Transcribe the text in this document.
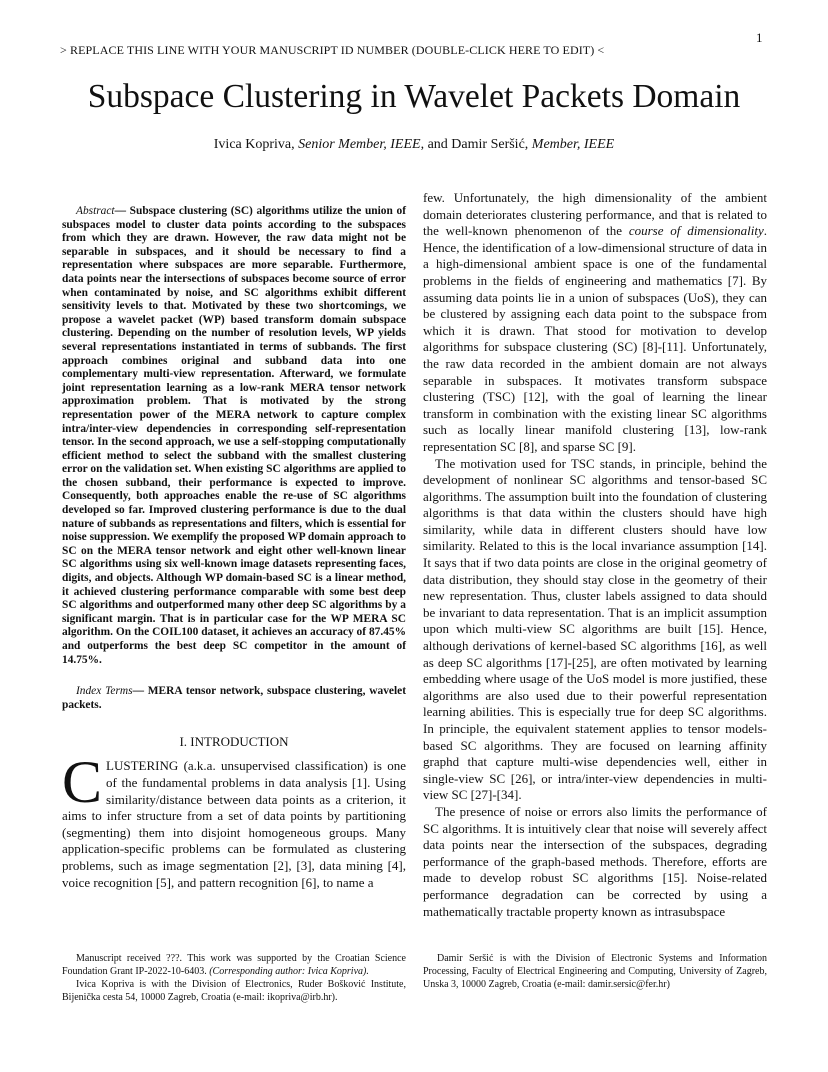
1
> REPLACE THIS LINE WITH YOUR MANUSCRIPT ID NUMBER (DOUBLE-CLICK HERE TO EDIT) <
Subspace Clustering in Wavelet Packets Domain
Ivica Kopriva, Senior Member, IEEE, and Damir Seršić, Member, IEEE

Abstract— Subspace clustering (SC) algorithms utilize the union of subspaces model to cluster data points according to the subspaces from which they are drawn. However, the raw data might not be separable in subspaces, and it should be necessary to find a representation where subspaces are more separable. Furthermore, data points near the intersections of subspaces become source of error when contaminated by noise, and SC algorithms exhibit different sensitivity levels to that. Motivated by these two shortcomings, we propose a wavelet packet (WP) based transform domain subspace clustering. Depending on the number of resolution levels, WP yields several representations instantiated in terms of subbands. The first approach combines original and subband data into one complementary multi-view representation. Afterward, we formulate joint representation learning as a low-rank MERA tensor network approximation problem. That is motivated by the strong representation power of the MERA network to capture complex intra/inter-view dependencies in corresponding self-representation tensor. In the second approach, we use a self-stopping computationally efficient method to select the subband with the smallest clustering error on the validation set. When existing SC algorithms are applied to the chosen subband, their performance is expected to improve. Consequently, both approaches enable the re-use of SC algorithms developed so far. Improved clustering performance is due to the dual nature of subbands as representations and filters, which is essential for noise suppression. We exemplify the proposed WP domain approach to SC on the MERA tensor network and eight other well-known linear SC algorithms using six well-known image datasets representing faces, digits, and objects. Although WP domain-based SC is a linear method, it achieved clustering performance comparable with some best deep SC algorithms and outperformed many other deep SC algorithms by a significant margin. That is in particular case for the WP MERA SC algorithm. On the COIL100 dataset, it achieves an accuracy of 87.45% and outperforms the best deep SC competitor in the amount of 14.75%.

Index Terms— MERA tensor network, subspace clustering, wavelet packets.

I. INTRODUCTION

CLUSTERING (a.k.a. unsupervised classification) is one of the fundamental problems in data analysis [1]. Using similarity/distance between data points as a criterion, it aims to infer structure from a set of data points by partitioning (segmenting) them into disjoint homogeneous groups. Many application-specific problems can be formulated as clustering problems, such as image segmentation [2], [3], data mining [4], voice recognition [5], and pattern recognition [6], to name a

few. Unfortunately, the high dimensionality of the ambient domain deteriorates clustering performance, and that is related to the well-known phenomenon of the course of dimensionality. Hence, the identification of a low-dimensional structure of data in a high-dimensional ambient space is one of the fundamental problems in the fields of engineering and mathematics [7]. By assuming data points lie in a union of subspaces (UoS), they can be clustered by assigning each data point to the subspace from which it is drawn. That stood for motivation to develop algorithms for subspace clustering (SC) [8]-[11]. Unfortunately, the raw data recorded in the ambient domain are not always separable in subspaces. It motivates transform subspace clustering (TSC) [12], with the goal of learning the linear transform in combination with the existing linear SC algorithms such as locally linear manifold clustering [13], low-rank representation SC [8], and sparse SC [9].

The motivation used for TSC stands, in principle, behind the development of nonlinear SC algorithms and tensor-based SC algorithms. The assumption built into the foundation of clustering algorithms is that data within the clusters should have high similarity, while data in different clusters should have low similarity. Related to this is the local invariance assumption [14]. It says that if two data points are close in the original geometry of data distribution, they should stay close in the geometry of their new representation. Thus, cluster labels assigned to data should be invariant to data representation. That is an implicit assumption upon which multi-view SC algorithms are built [15]. Hence, although derivations of kernel-based SC algorithms [16], as well as deep SC algorithms [17]-[25], are often motivated by learning embedding where usage of the UoS model is more justified, these algorithms are also used due to their powerful representation learning abilities. This is especially true for deep SC algorithms. In principle, the equivalent statement applies to tensor models-based SC algorithms. They are focused on learning affinity graphd that capture multi-wise dependencies well, either in single-view SC [26], or intra/inter-view dependencies in multi-view SC [27]-[34].

The presence of noise or errors also limits the performance of SC algorithms. It is intuitively clear that noise will severely affect data points near the intersection of the subspaces, degrading performance of the graph-based methods. Therefore, efforts are made to develop robust SC algorithms [15]. Noise-related performance degradation can be corrected by using a mathematically tractable property known as intrasubspace

Manuscript received ???. This work was supported by the Croatian Science Foundation Grant IP-2022-10-6403. (Corresponding author: Ivica Kopriva).

Ivica Kopriva is with the Division of Electronics, Ruder Bošković Institute, Bijenička cesta 54, 10000 Zagreb, Croatia (e-mail: ikopriva@irb.hr).

Damir Seršić is with the Division of Electronic Systems and Information Processing, Faculty of Electrical Engineering and Computing, University of Zagreb, Unska 3, 10000 Zagreb, Croatia (e-mail: damir.sersic@fer.hr)
